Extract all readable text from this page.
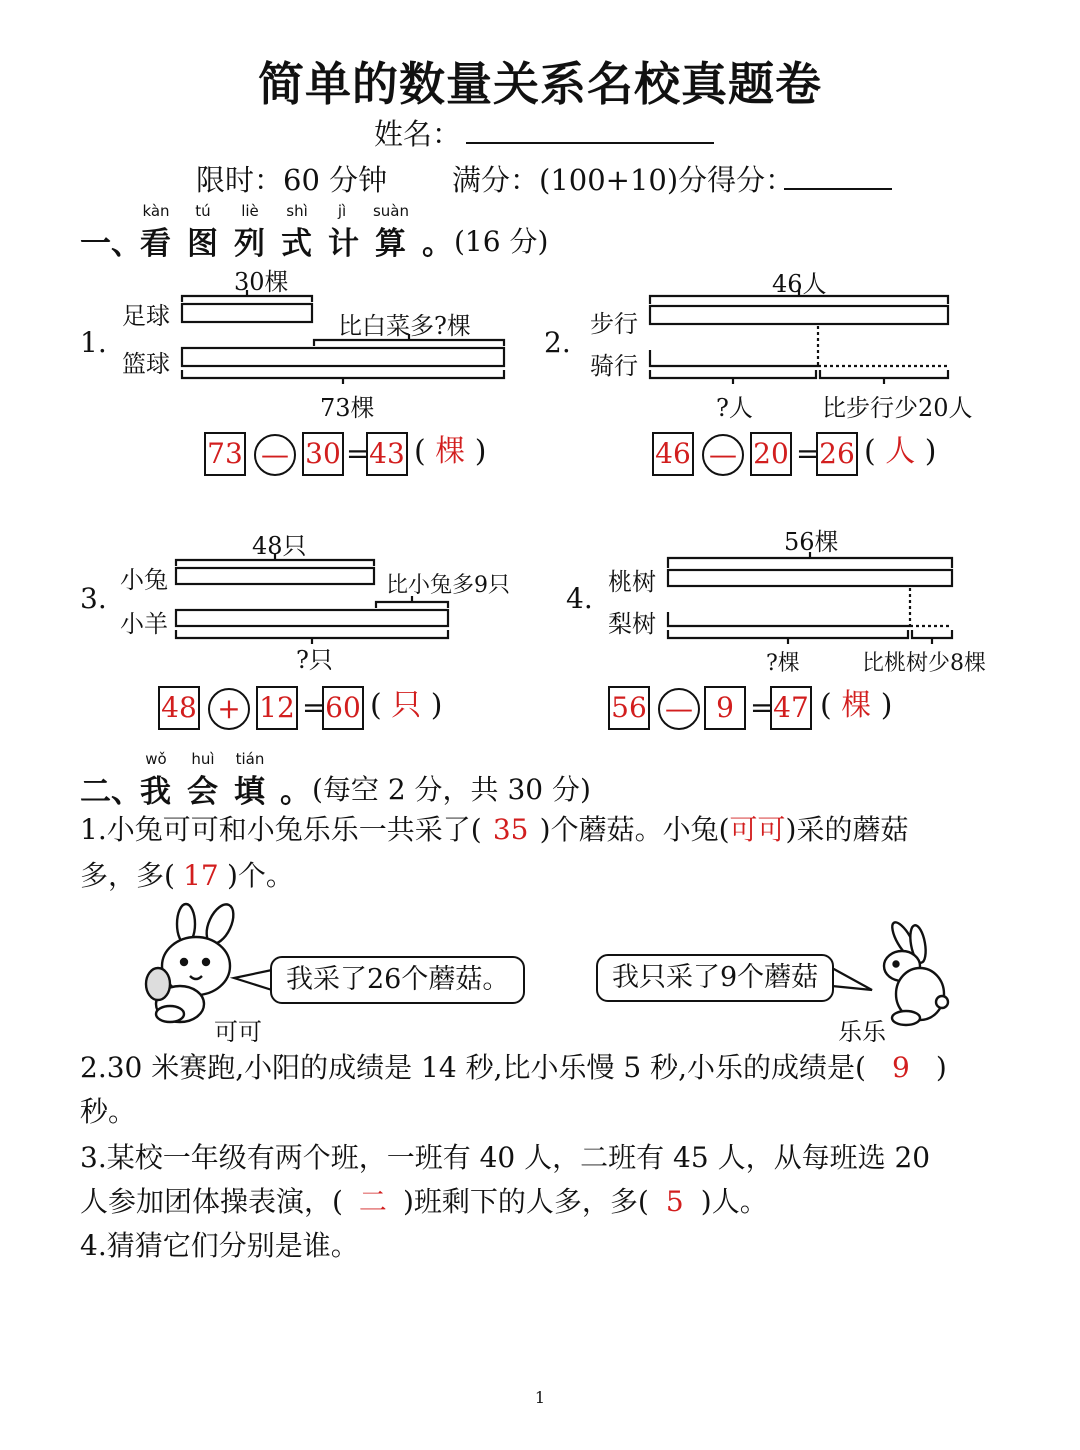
简单的数量关系名校真题卷
姓名：
限时：60 分钟 满分：(100+10)分得分：
一、
kàn
看
tú
图
liè
列
shì
式
jì
计
suàn
算 。 (16 分)
1.
30棵
足球
篮球
比白菜多?棵
73棵
73 — 30 = 43 ( 棵 )
2.
46人
步行
骑行
?人	比步行少20人
46 — 20 = 26 ( 人 )
3.
48只
小兔
小羊
比小兔多9只
?只
48 + 12 = 60 ( 只 )
4.
56棵
桃树
梨树
?棵	比桃树少8棵
56 — 9 = 47 ( 棵 )
二、
wǒ
我
huì
会
tián
填 。 (每空 2 分，共 30 分)
1.小兔可可和小兔乐乐一共采了( 35 )个蘑菇。小兔(可可)采的蘑菇
多，多( 17 )个。
我采了26个蘑菇。	我只采了9个蘑菇
可可	乐乐
2.30 米赛跑,小阳的成绩是 14 秒,比小乐慢 5 秒,小乐的成绩是( 9 )
秒。
3.某校一年级有两个班，一班有 40 人，二班有 45 人，从每班选 20
人参加团体操表演，( 二 )班剩下的人多，多( 5 )人。
4.猜猜它们分别是谁。
1
